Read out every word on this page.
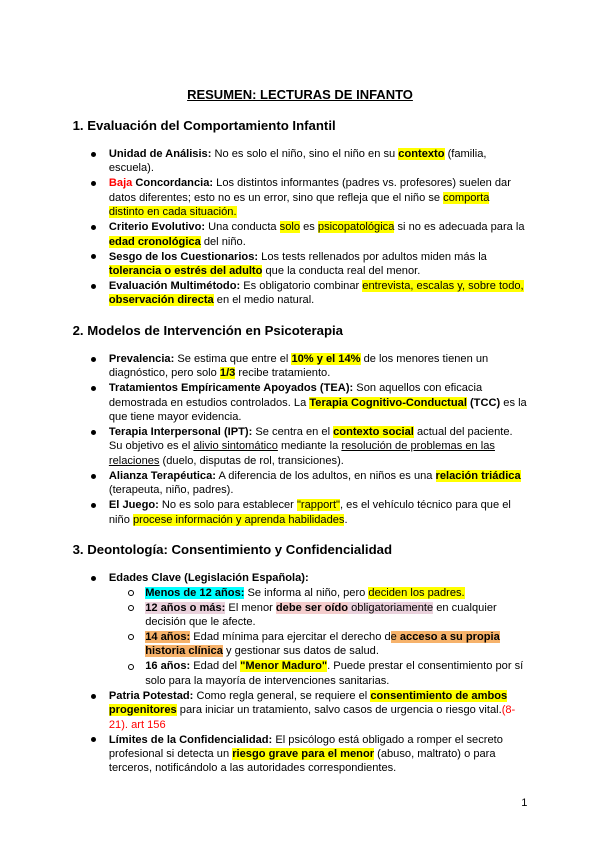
RESUMEN: LECTURAS DE INFANTO
1. Evaluación del Comportamiento Infantil
Unidad de Análisis: No es solo el niño, sino el niño en su contexto (familia, escuela).
Baja Concordancia: Los distintos informantes (padres vs. profesores) suelen dar datos diferentes; esto no es un error, sino que refleja que el niño se comporta distinto en cada situación.
Criterio Evolutivo: Una conducta solo es psicopatológica si no es adecuada para la edad cronológica del niño.
Sesgo de los Cuestionarios: Los tests rellenados por adultos miden más la tolerancia o estrés del adulto que la conducta real del menor.
Evaluación Multimétodo: Es obligatorio combinar entrevista, escalas y, sobre todo, observación directa en el medio natural.
2. Modelos de Intervención en Psicoterapia
Prevalencia: Se estima que entre el 10% y el 14% de los menores tienen un diagnóstico, pero solo 1/3 recibe tratamiento.
Tratamientos Empíricamente Apoyados (TEA): Son aquellos con eficacia demostrada en estudios controlados. La Terapia Cognitivo-Conductual (TCC) es la que tiene mayor evidencia.
Terapia Interpersonal (IPT): Se centra en el contexto social actual del paciente. Su objetivo es el alivio sintomático mediante la resolución de problemas en las relaciones (duelo, disputas de rol, transiciones).
Alianza Terapéutica: A diferencia de los adultos, en niños es una relación triádica (terapeuta, niño, padres).
El Juego: No es solo para establecer "rapport", es el vehículo técnico para que el niño procese información y aprenda habilidades.
3. Deontología: Consentimiento y Confidencialidad
Edades Clave (Legislación Española):
Menos de 12 años: Se informa al niño, pero deciden los padres.
12 años o más: El menor debe ser oído obligatoriamente en cualquier decisión que le afecte.
14 años: Edad mínima para ejercitar el derecho de acceso a su propia historia clínica y gestionar sus datos de salud.
16 años: Edad del "Menor Maduro". Puede prestar el consentimiento por sí solo para la mayoría de intervenciones sanitarias.
Patria Potestad: Como regla general, se requiere el consentimiento de ambos progenitores para iniciar un tratamiento, salvo casos de urgencia o riesgo vital.(8-21). art 156
Límites de la Confidencialidad: El psicólogo está obligado a romper el secreto profesional si detecta un riesgo grave para el menor (abuso, maltrato) o para terceros, notificándolo a las autoridades correspondientes.
1
